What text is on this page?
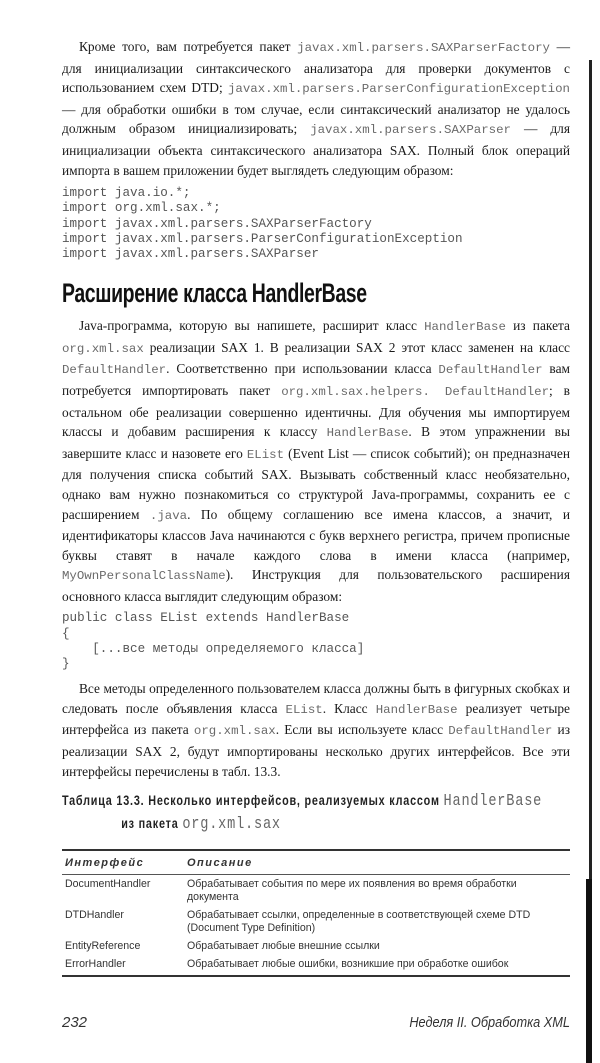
Кроме того, вам потребуется пакет javax.xml.parsers.SAXParserFactory — для инициализации синтаксического анализатора для проверки документов с использованием схем DTD; javax.xml.parsers.ParserConfigurationException — для обработки ошибки в том случае, если синтаксический анализатор не удалось должным образом инициализировать; javax.xml.parsers.SAXParser — для инициализации объекта синтаксического анализатора SAX. Полный блок операций импорта в вашем приложении будет выглядеть следующим образом:

import java.io.*;
import org.xml.sax.*;
import javax.xml.parsers.SAXParserFactory
import javax.xml.parsers.ParserConfigurationException
import javax.xml.parsers.SAXParser
Расширение класса HandlerBase

Java-программа, которую вы напишете, расширит класс HandlerBase из пакета org.xml.sax реализации SAX 1. В реализации SAX 2 этот класс заменен на класс DefaultHandler. Соответственно при использовании класса DefaultHandler вам потребуется импортировать пакет org.xml.sax.helpers. DefaultHandler; в остальном обе реализации совершенно идентичны. Для обучения мы импортируем классы и добавим расширения к классу HandlerBase. В этом упражнении вы завершите класс и назовете его EList (Event List — список событий); он предназначен для получения списка событий SAX. Вызывать собственный класс необязательно, однако вам нужно познакомиться со структурой Java-программы, сохранить ее с расширением .java. По общему соглашению все имена классов, а значит, и идентификаторы классов Java начинаются с букв верхнего регистра, причем прописные буквы ставят в начале каждого слова в имени класса (например, MyOwnPersonalClassName). Инструкция для пользовательского расширения основного класса выглядит следующим образом:

public class EList extends HandlerBase
{
[...все методы определяемого класса]
}

Все методы определенного пользователем класса должны быть в фигурных скобках и следовать после объявления класса EList. Класс HandlerBase реализует четыре интерфейса из пакета org.xml.sax. Если вы используете класс DefaultHandler из реализации SAX 2, будут импортированы несколько других интерфейсов. Все эти интерфейсы перечислены в табл. 13.3.

Таблица 13.3. Несколько интерфейсов, реализуемых классом HandlerBase
из пакета org.xml.sax
Интерфейс	Описание
DocumentHandler	Обрабатывает события по мере их появления во время обработки документа
DTDHandler	Обрабатывает ссылки, определенные в соответствующей схеме DTD (Document Type Definition)
EntityReference	Обрабатывает любые внешние ссылки
ErrorHandler	Обрабатывает любые ошибки, возникшие при обработке ошибок
232	Неделя II. Обработка XML
